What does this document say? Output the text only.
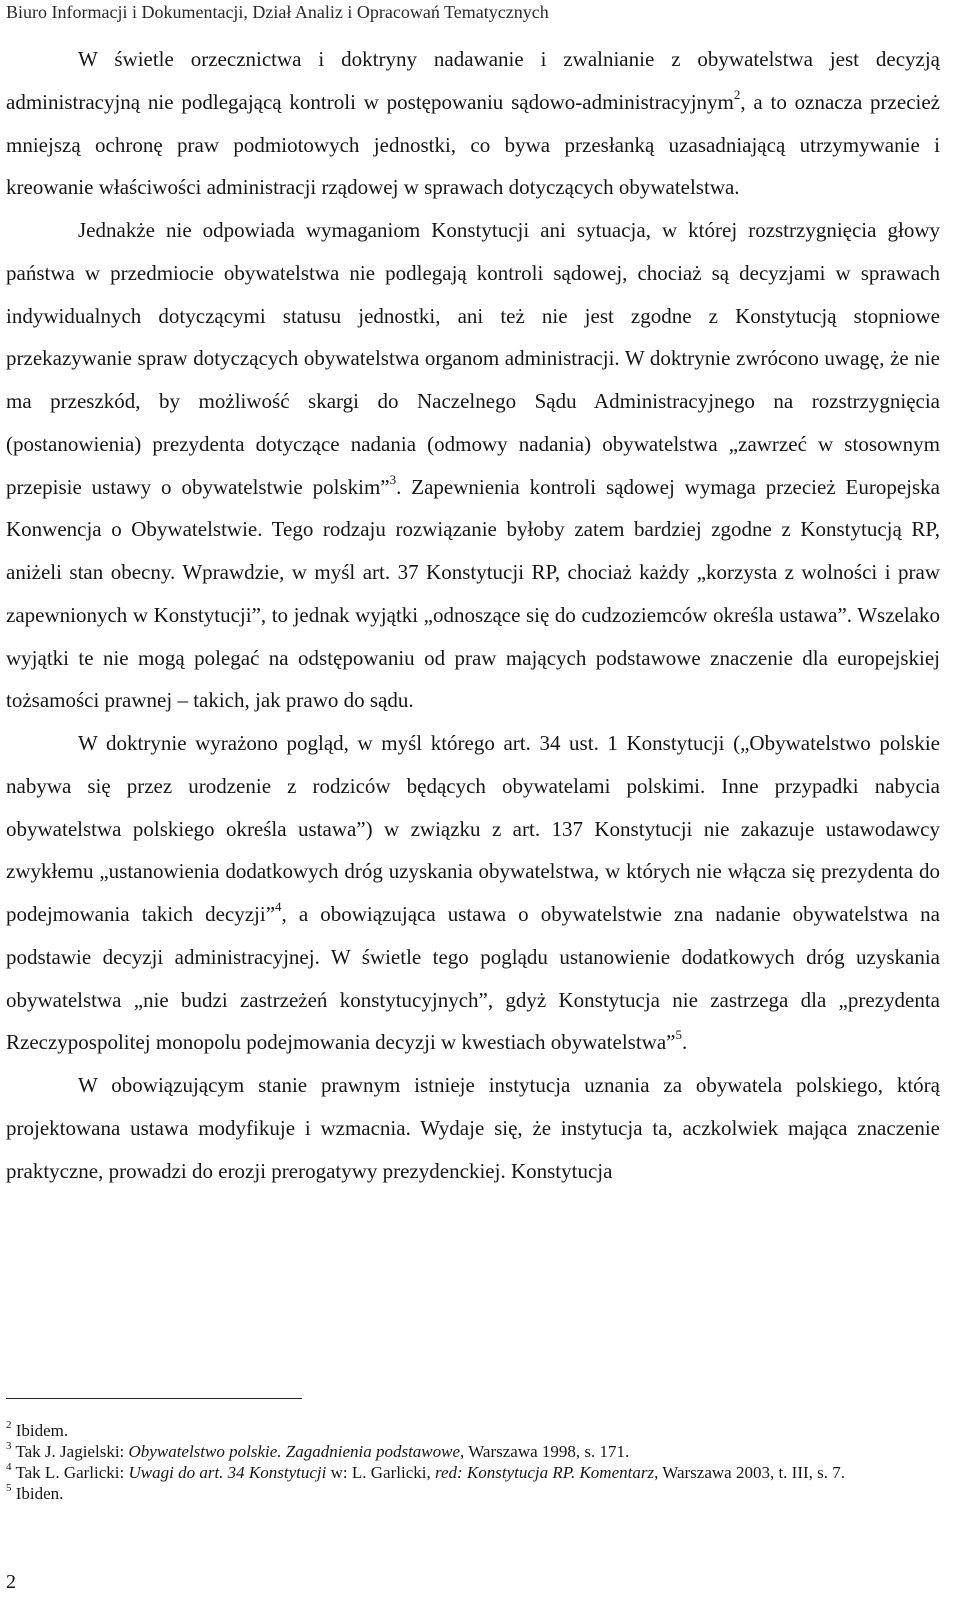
Biuro Informacji i Dokumentacji, Dział Analiz i Opracowań Tematycznych

W świetle orzecznictwa i doktryny nadawanie i zwalnianie z obywatelstwa jest decyzją administracyjną nie podlegającą kontroli w postępowaniu sądowo-administracyjnym$^2$, a to oznacza przecież mniejszą ochronę praw podmiotowych jednostki, co bywa przesłanką uzasadniającą utrzymywanie i kreowanie właściwości administracji rządowej w sprawach dotyczących obywatelstwa.

Jednakże nie odpowiada wymaganiom Konstytucji ani sytuacja, w której rozstrzygnięcia głowy państwa w przedmiocie obywatelstwa nie podlegają kontroli sądowej, chociaż są decyzjami w sprawach indywidualnych dotyczącymi statusu jednostki, ani też nie jest zgodne z Konstytucją stopniowe przekazywanie spraw dotyczących obywatelstwa organom administracji. W doktrynie zwrócono uwagę, że nie ma przeszkód, by możliwość skargi do Naczelnego Sądu Administracyjnego na rozstrzygnięcia (postanowienia) prezydenta dotyczące nadania (odmowy nadania) obywatelstwa „zawrzeć w stosownym przepisie ustawy o obywatelstwie polskim”$^3$. Zapewnienia kontroli sądowej wymaga przecież Europejska Konwencja o Obywatelstwie. Tego rodzaju rozwiązanie byłoby zatem bardziej zgodne z Konstytucją RP, aniżeli stan obecny. Wprawdzie, w myśl art. 37 Konstytucji RP, chociaż każdy „korzysta z wolności i praw zapewnionych w Konstytucji”, to jednak wyjątki „odnoszące się do cudzoziemców określa ustawa”. Wszelako wyjątki te nie mogą polegać na odstępowaniu od praw mających podstawowe znaczenie dla europejskiej tożsamości prawnej – takich, jak prawo do sądu.

W doktrynie wyrażono pogląd, w myśl którego art. 34 ust. 1 Konstytucji („Obywatelstwo polskie nabywa się przez urodzenie z rodziców będących obywatelami polskimi. Inne przypadki nabycia obywatelstwa polskiego określa ustawa”) w związku z art. 137 Konstytucji nie zakazuje ustawodawcy zwykłemu „ustanowienia dodatkowych dróg uzyskania obywatelstwa, w których nie włącza się prezydenta do podejmowania takich decyzji”$^4$, a obowiązująca ustawa o obywatelstwie zna nadanie obywatelstwa na podstawie decyzji administracyjnej. W świetle tego poglądu ustanowienie dodatkowych dróg uzyskania obywatelstwa „nie budzi zastrzeżeń konstytucyjnych”, gdyż Konstytucja nie zastrzega dla „prezydenta Rzeczypospolitej monopolu podejmowania decyzji w kwestiach obywatelstwa”$^5$.

W obowiązującym stanie prawnym istnieje instytucja uznania za obywatela polskiego, którą projektowana ustawa modyfikuje i wzmacnia. Wydaje się, że instytucja ta, aczkolwiek mająca znaczenie praktyczne, prowadzi do erozji prerogatywy prezydenckiej. Konstytucja

$^2$ Ibidem.
$^3$ Tak J. Jagielski: Obywatelstwo polskie. Zagadnienia podstawowe, Warszawa 1998, s. 171.
$^4$ Tak L. Garlicki: Uwagi do art. 34 Konstytucji w: L. Garlicki, red: Konstytucja RP. Komentarz, Warszawa 2003, t. III, s. 7.
$^5$ Ibiden.
2
